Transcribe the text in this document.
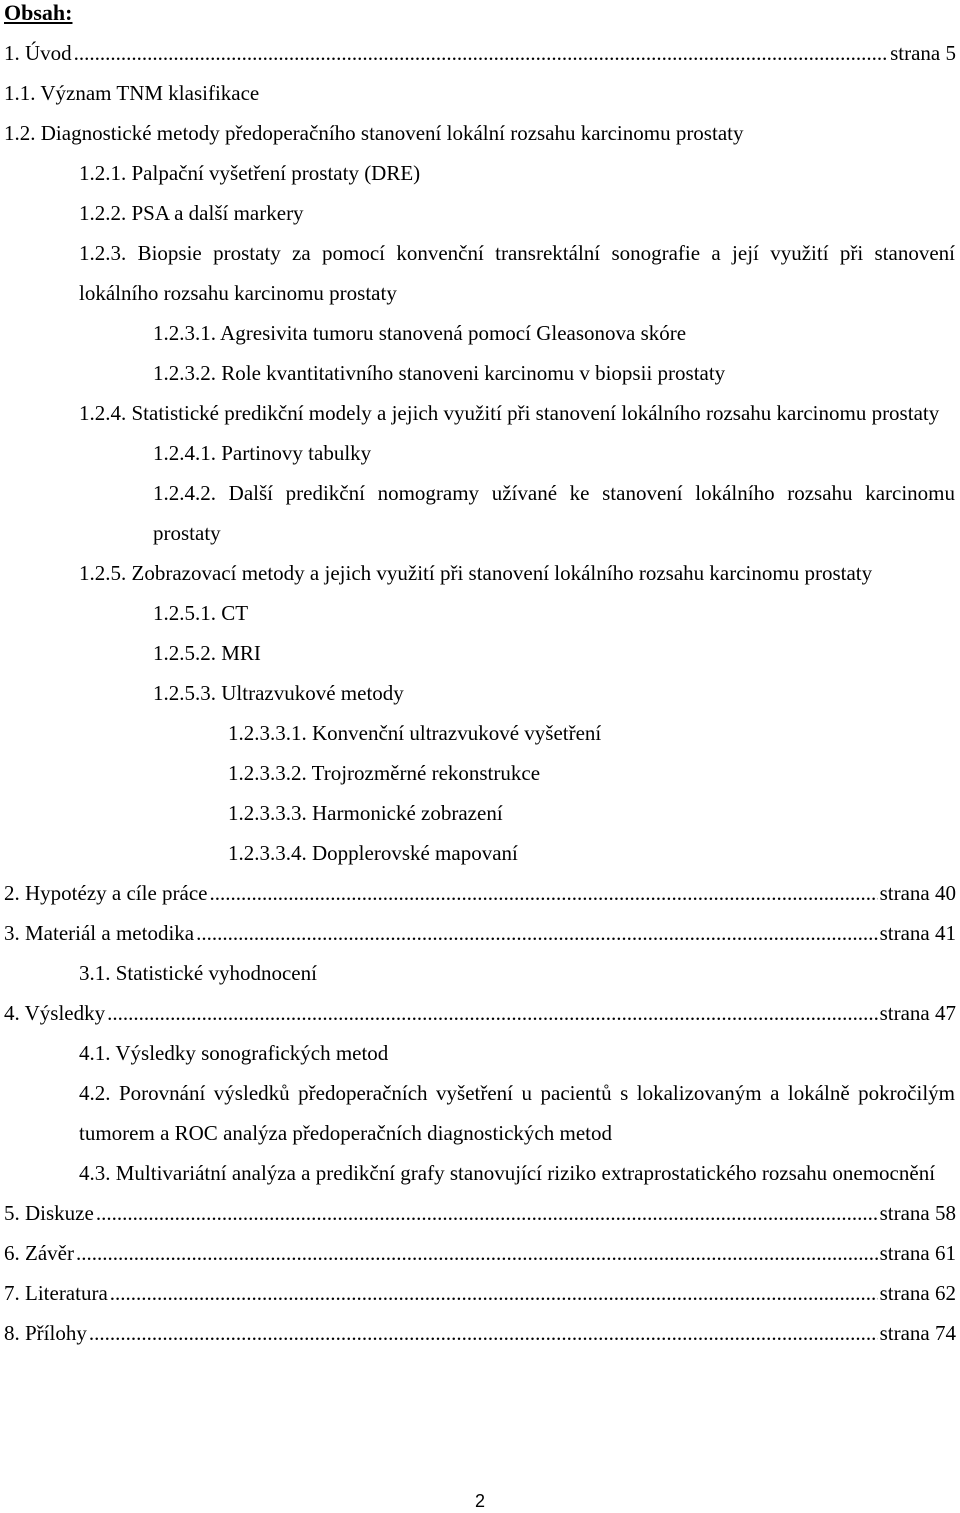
Obsah:
1. Úvod .....	strana 5
1.1. Význam TNM klasifikace
1.2. Diagnostické metody předoperačního stanovení lokální rozsahu karcinomu prostaty
1.2.1. Palpační vyšetření prostaty (DRE)
1.2.2. PSA a další markery
1.2.3. Biopsie prostaty za pomocí konvenční transrektální sonografie a její využití při stanovení lokálního rozsahu karcinomu prostaty
1.2.3.1. Agresivita tumoru stanovená pomocí Gleasonova skóre
1.2.3.2. Role kvantitativního stanoveni karcinomu v biopsii prostaty
1.2.4. Statistické predikční modely a jejich využití při stanovení lokálního rozsahu karcinomu prostaty
1.2.4.1. Partinovy tabulky
1.2.4.2. Další predikční nomogramy užívané ke stanovení lokálního rozsahu karcinomu prostaty
1.2.5. Zobrazovací metody a jejich využití při stanovení lokálního rozsahu karcinomu prostaty
1.2.5.1. CT
1.2.5.2. MRI
1.2.5.3. Ultrazvukové metody
1.2.3.3.1. Konvenční ultrazvukové vyšetření
1.2.3.3.2. Trojrozměrné rekonstrukce
1.2.3.3.3. Harmonické zobrazení
1.2.3.3.4. Dopplerovské mapovaní
2. Hypotézy a cíle práce .....	strana 40
3. Materiál a metodika .....	strana 41
3.1. Statistické vyhodnocení
4. Výsledky .....	strana 47
4.1. Výsledky sonografických metod
4.2. Porovnání výsledků předoperačních vyšetření u pacientů s lokalizovaným a lokálně pokročilým tumorem a ROC analýza předoperačních diagnostických metod
4.3. Multivariátní analýza a predikční grafy stanovující riziko extraprostatického rozsahu onemocnění
5. Diskuze .....	strana 58
6. Závěr .....	strana 61
7. Literatura .....	strana 62
8. Přílohy .....	strana 74
2
